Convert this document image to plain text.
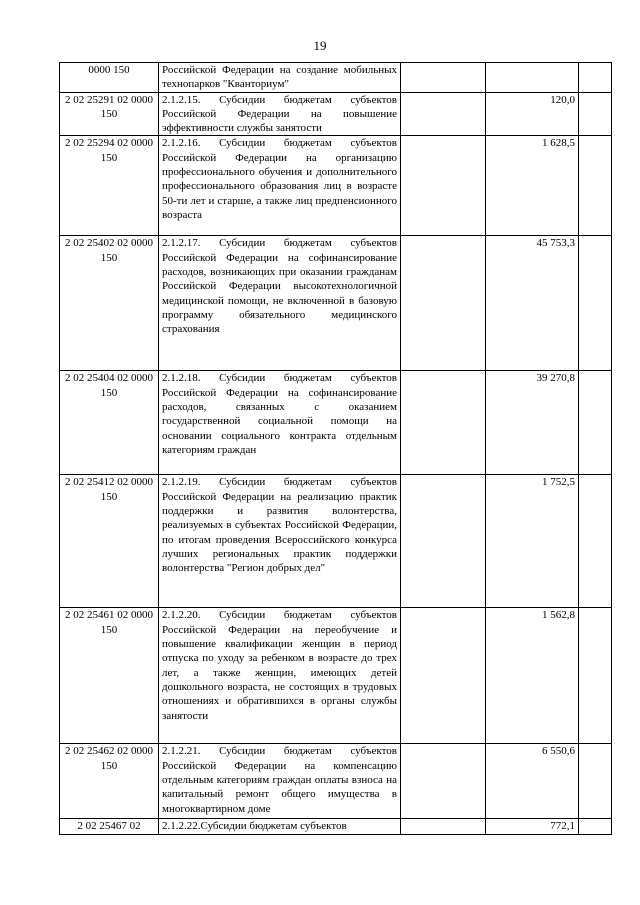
19
0000 150	Российской Федерации на создание мобильных технопарков "Кванториум"			
2 02 25291 02 0000 150	2.1.2.15. Субсидии бюджетам субъектов Российской Федерации на повышение эффективности службы занятости		120,0	
2 02 25294 02 0000 150	2.1.2.16. Субсидии бюджетам субъектов Российской Федерации на организацию профессионального обучения и дополнительного профессионального образования лиц в возрасте 50-ти лет и старше, а также лиц предпенсионного возраста		1 628,5	
2 02 25402 02 0000 150	2.1.2.17. Субсидии бюджетам субъектов Российской Федерации на софинансирование расходов, возникающих при оказании гражданам Российской Федерации высокотехнологичной медицинской помощи, не включенной в базовую программу обязательного медицинского страхования		45 753,3	
2 02 25404 02 0000 150	2.1.2.18. Субсидии бюджетам субъектов Российской Федерации на софинансирование расходов, связанных с оказанием государственной социальной помощи на основании социального контракта отдельным категориям граждан		39 270,8	
2 02 25412 02 0000 150	2.1.2.19. Субсидии бюджетам субъектов Российской Федерации на реализацию практик поддержки и развития волонтерства, реализуемых в субъектах Российской Федерации, по итогам проведения Всероссийского конкурса лучших региональных практик поддержки волонтерства "Регион добрых дел"		1 752,5	
2 02 25461 02 0000 150	2.1.2.20. Субсидии бюджетам субъектов Российской Федерации на переобучение и повышение квалификации женщин в период отпуска по уходу за ребенком в возрасте до трех лет, а также женщин, имеющих детей дошкольного возраста, не состоящих в трудовых отношениях и обратившихся в органы службы занятости		1 562,8	
2 02 25462 02 0000 150	2.1.2.21. Субсидии бюджетам субъектов Российской Федерации на компенсацию отдельным категориям граждан оплаты взноса на капитальный ремонт общего имущества в многоквартирном доме		6 550,6	
2 02 25467 02	2.1.2.22.Субсидии бюджетам субъектов		772,1	
